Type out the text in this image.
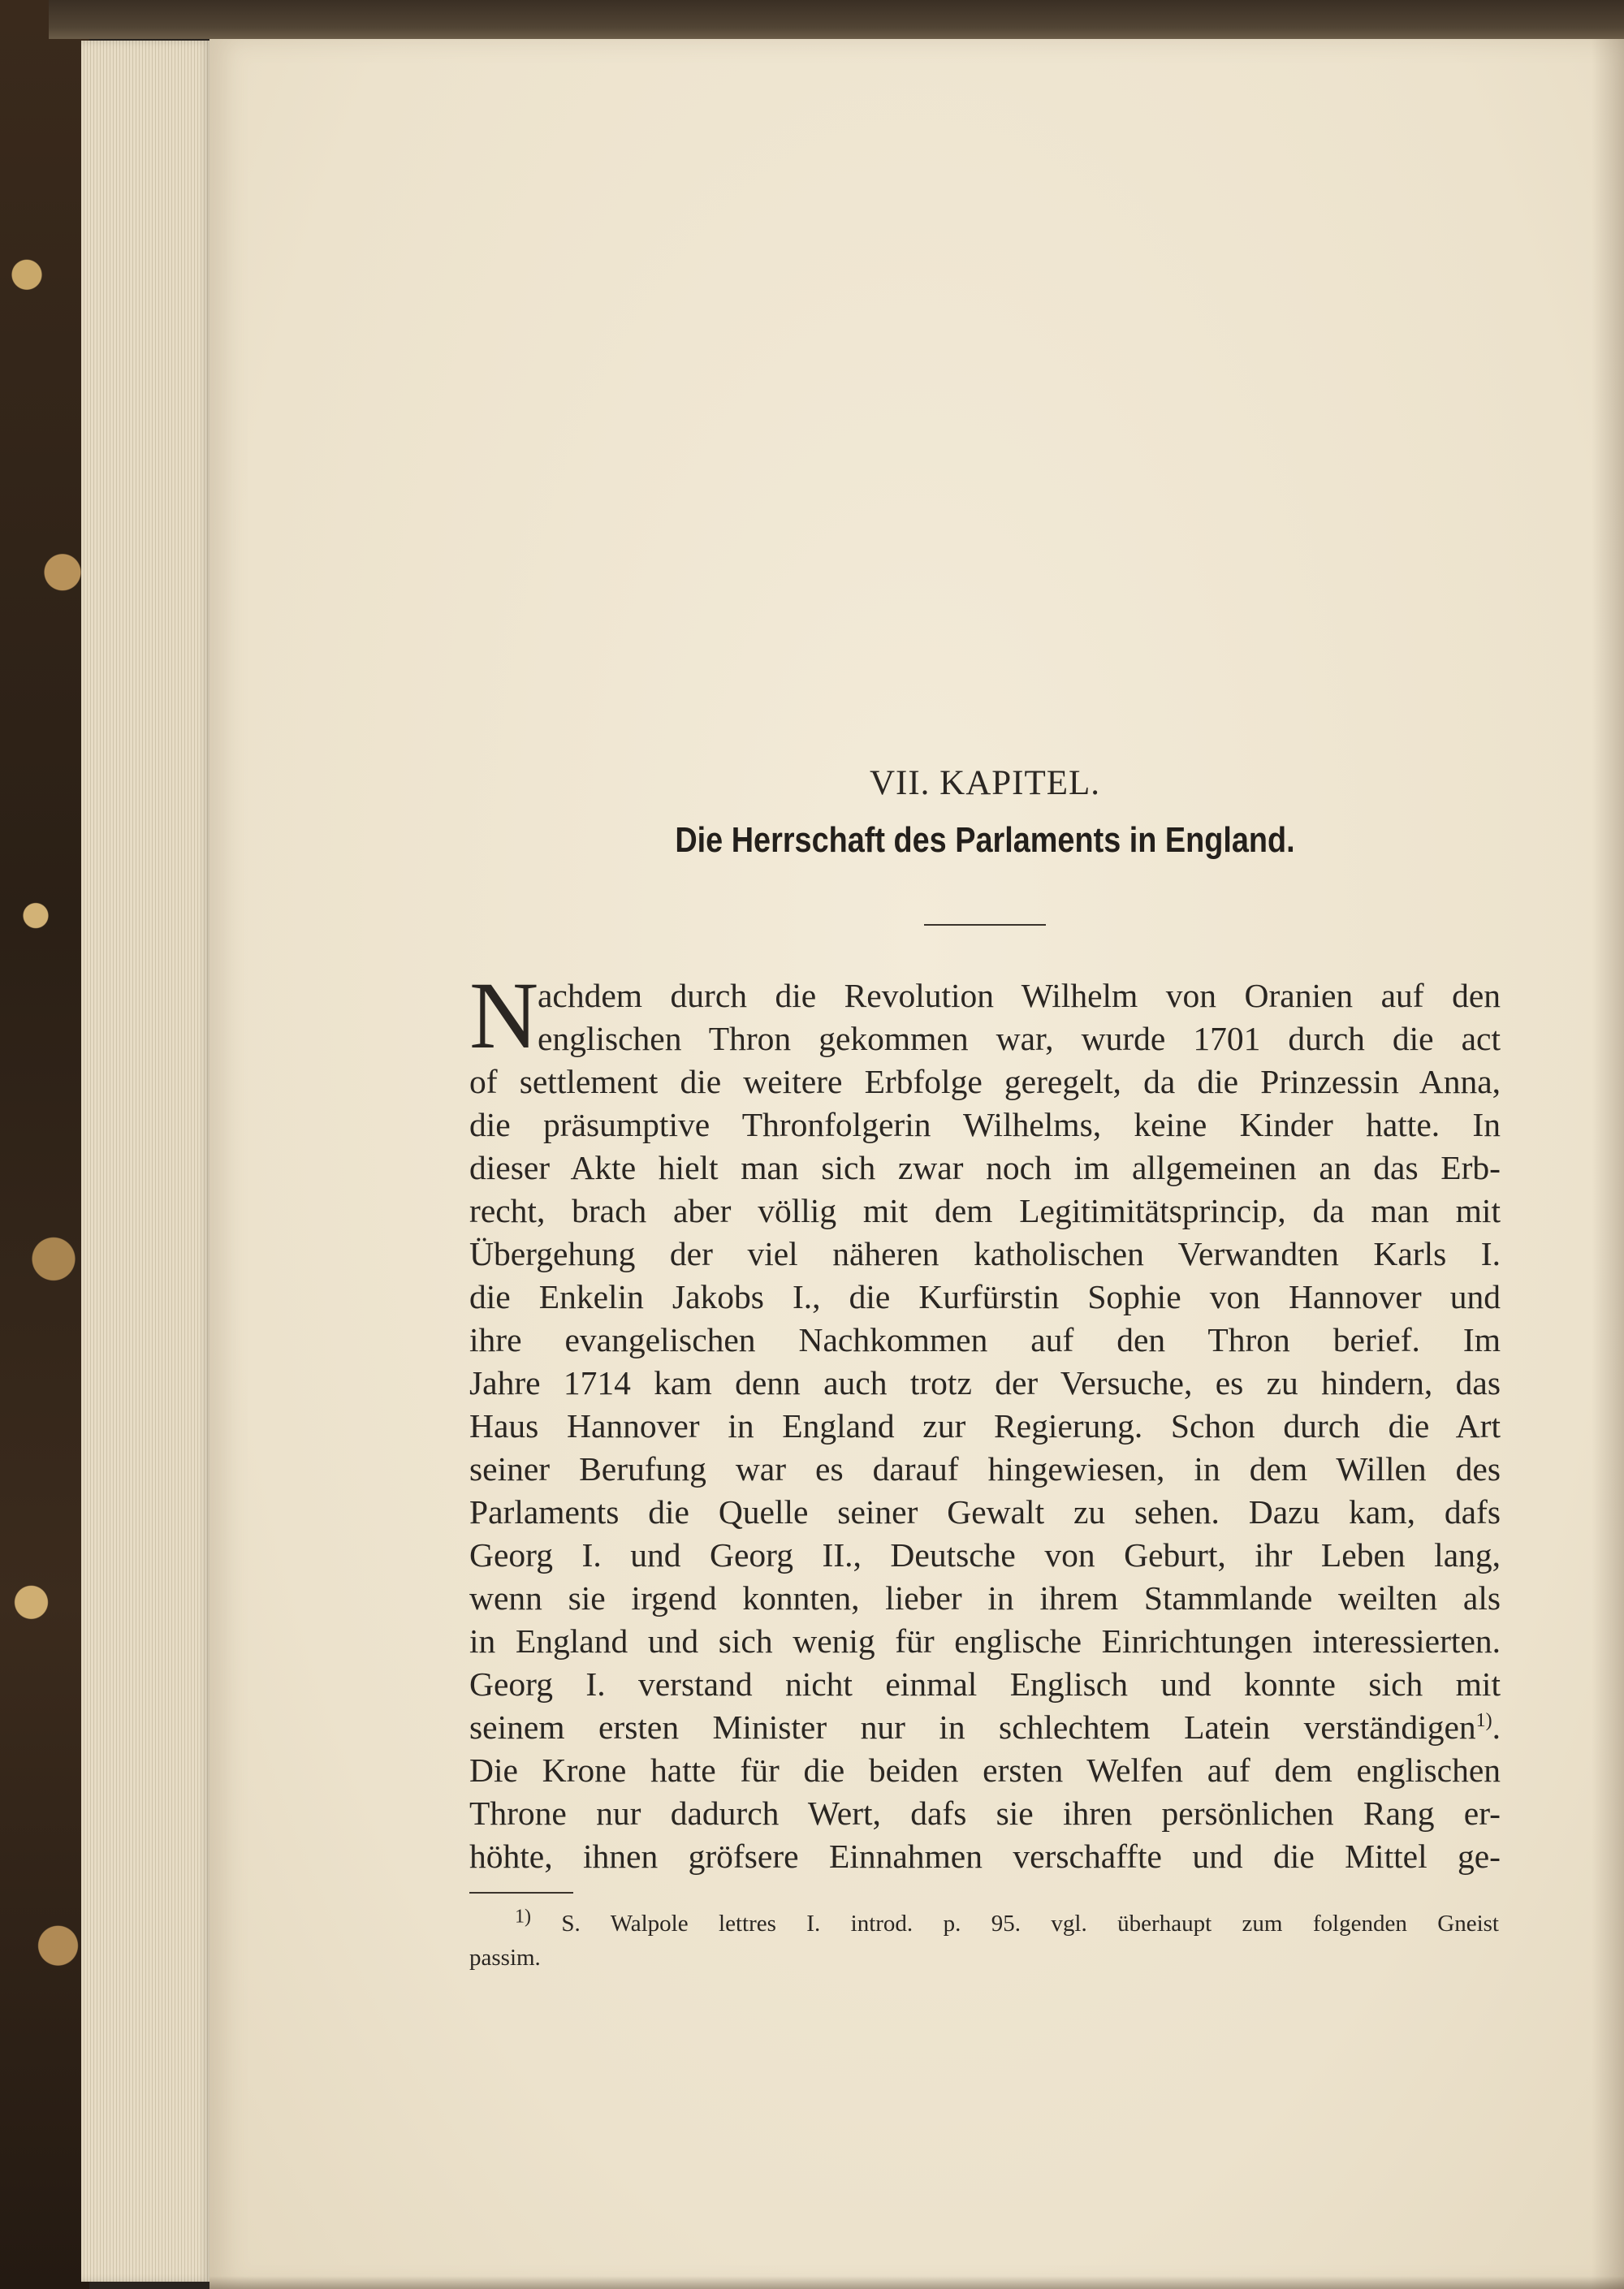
VII. KAPITEL.
Die Herrschaft des Parlaments in England.
N
achdem durch die Revolution Wilhelm von Oranien auf den
englischen Thron gekommen war, wurde 1701 durch die act
of settlement die weitere Erbfolge geregelt, da die Prinzessin Anna,
die präsumptive Thronfolgerin Wilhelms, keine Kinder hatte. In
dieser Akte hielt man sich zwar noch im allgemeinen an das Erb-
recht, brach aber völlig mit dem Legitimitätsprincip, da man mit
Übergehung der viel näheren katholischen Verwandten Karls I.
die Enkelin Jakobs I., die Kurfürstin Sophie von Hannover und
ihre evangelischen Nachkommen auf den Thron berief. Im
Jahre 1714 kam denn auch trotz der Versuche, es zu hindern, das
Haus Hannover in England zur Regierung. Schon durch die Art
seiner Berufung war es darauf hingewiesen, in dem Willen des
Parlaments die Quelle seiner Gewalt zu sehen. Dazu kam, dafs
Georg I. und Georg II., Deutsche von Geburt, ihr Leben lang,
wenn sie irgend konnten, lieber in ihrem Stammlande weilten als
in England und sich wenig für englische Einrichtungen interessierten.
Georg I. verstand nicht einmal Englisch und konnte sich mit
seinem ersten Minister nur in schlechtem Latein verständigen$^{1)}$.
Die Krone hatte für die beiden ersten Welfen auf dem englischen
Throne nur dadurch Wert, dafs sie ihren persönlichen Rang er-
höhte, ihnen gröfsere Einnahmen verschaffte und die Mittel ge-
$^{1)}$ S. Walpole lettres I. introd. p. 95. vgl. überhaupt zum folgenden Gneist
passim.
